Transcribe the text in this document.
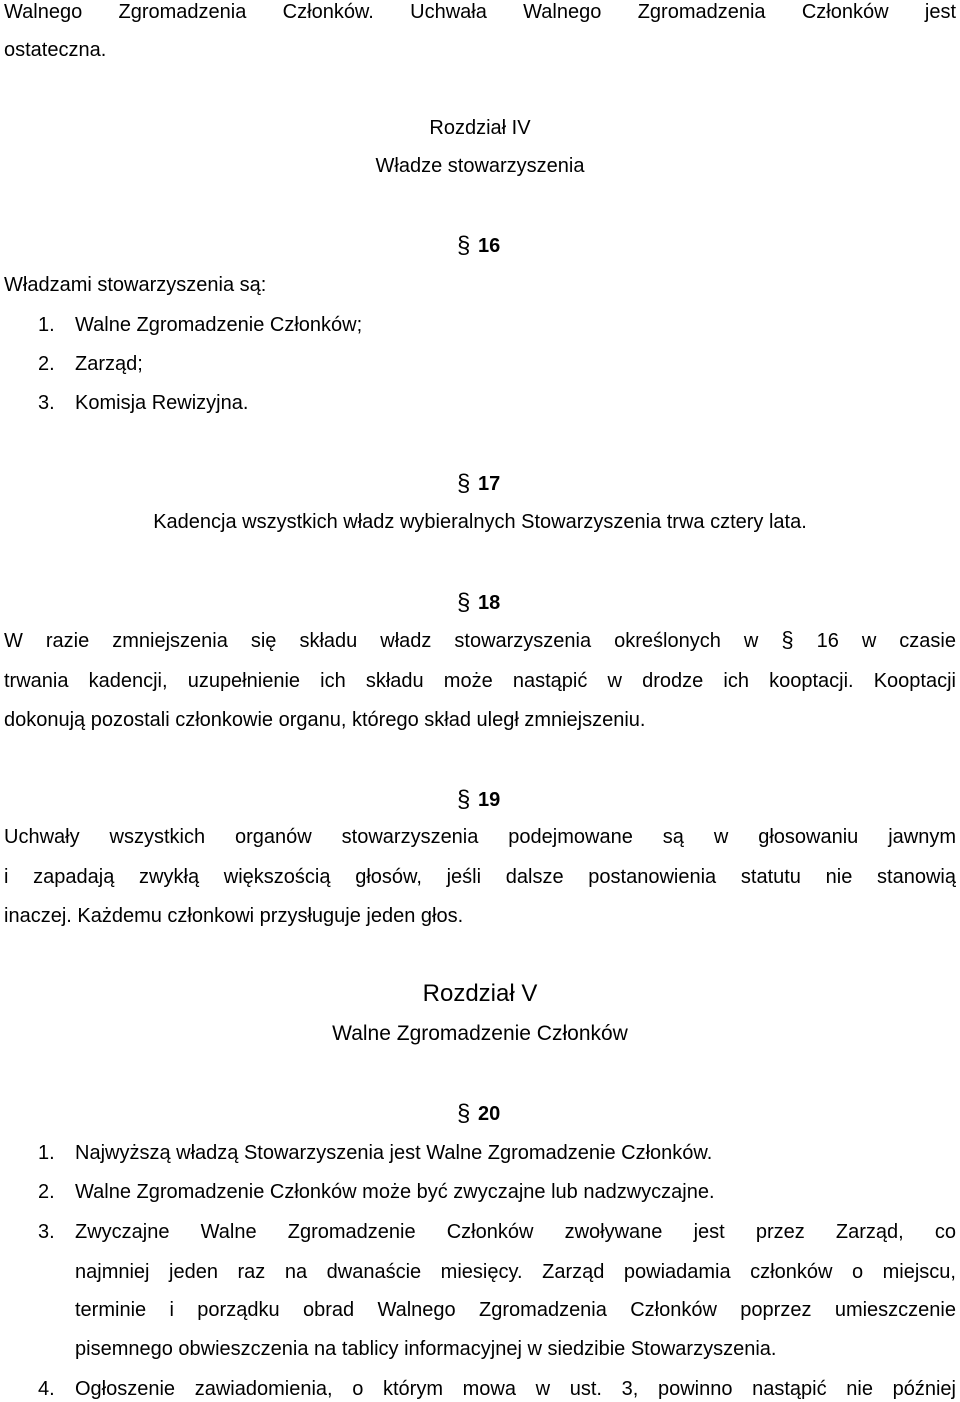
Walnego Zgromadzenia Członków. Uchwała Walnego Zgromadzenia Członków jest
ostateczna.
Rozdział IV
Władze stowarzyszenia
§ 16
Władzami stowarzyszenia są:
1. Walne Zgromadzenie Członków;
2. Zarząd;
3. Komisja Rewizyjna.
§ 17
Kadencja wszystkich władz wybieralnych Stowarzyszenia trwa cztery lata.
§ 18
W razie zmniejszenia się składu władz stowarzyszenia określonych w § 16 w czasie
trwania kadencji, uzupełnienie ich składu może nastąpić w drodze ich kooptacji. Kooptacji
dokonują pozostali członkowie organu, którego skład uległ zmniejszeniu.
§ 19
Uchwały wszystkich organów stowarzyszenia podejmowane są w głosowaniu jawnym
i zapadają zwykłą większością głosów, jeśli dalsze postanowienia statutu nie stanowią
inaczej. Każdemu członkowi przysługuje jeden głos.
Rozdział V
Walne Zgromadzenie Członków
§ 20
1. Najwyższą władzą Stowarzyszenia jest Walne Zgromadzenie Członków.
2. Walne Zgromadzenie Członków może być zwyczajne lub nadzwyczajne.
3. Zwyczajne Walne Zgromadzenie Członków zwoływane jest przez Zarząd, co
najmniej jeden raz na dwanaście miesięcy. Zarząd powiadamia członków o miejscu,
terminie i porządku obrad Walnego Zgromadzenia Członków poprzez umieszczenie
pisemnego obwieszczenia na tablicy informacyjnej w siedzibie Stowarzyszenia.
4. Ogłoszenie zawiadomienia, o którym mowa w ust. 3, powinno nastąpić nie później
